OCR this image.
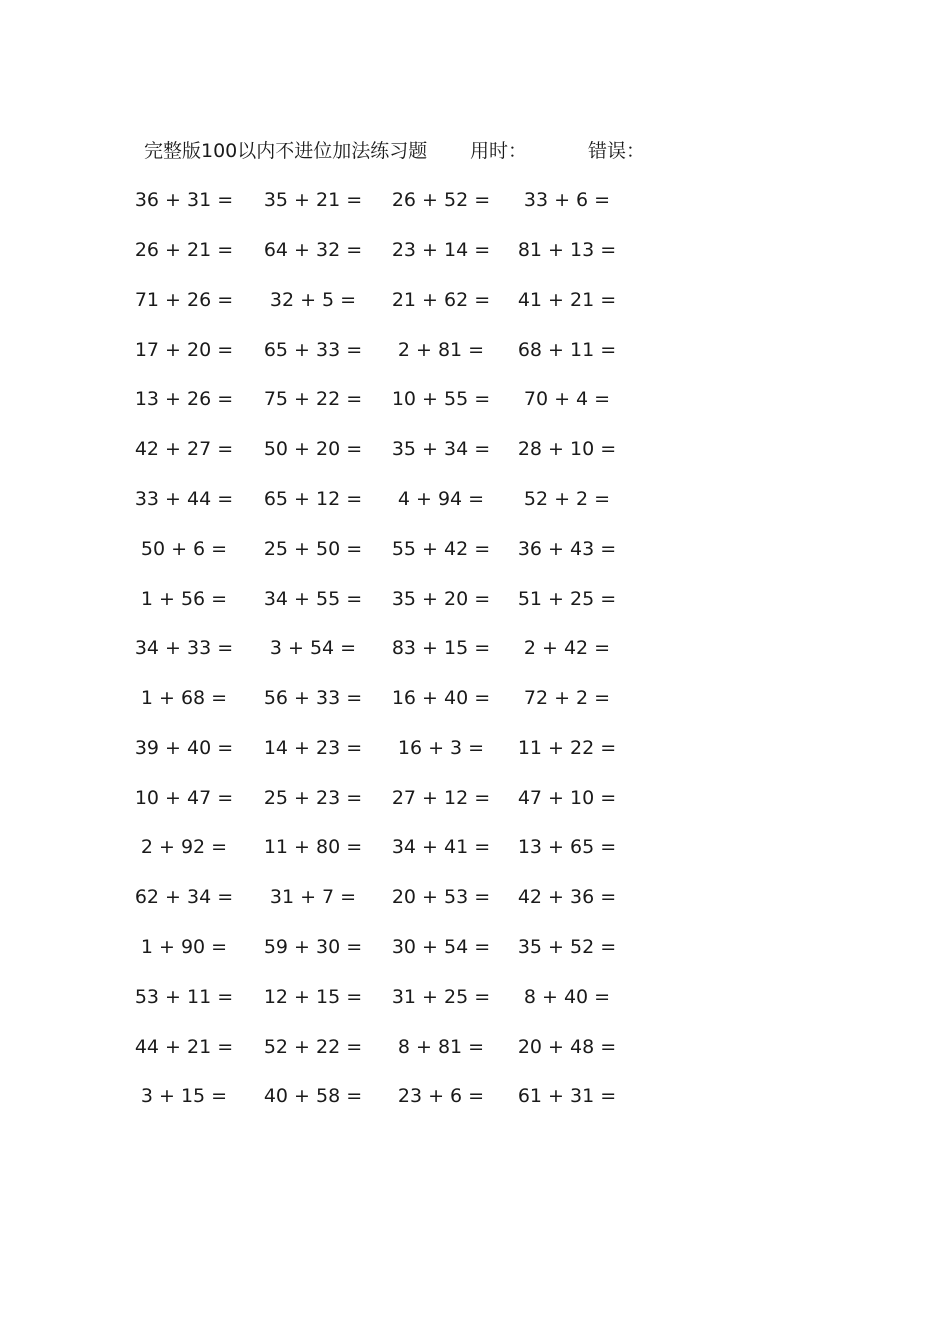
完整版100以内不进位加法练习题 用时：	错误：
36 + 31 =	35 + 21 =	26 + 52 =	33 + 6 =
26 + 21 =	64 + 32 =	23 + 14 =	81 + 13 =
71 + 26 =	32 + 5 =	21 + 62 =	41 + 21 =
17 + 20 =	65 + 33 =	2 + 81 =	68 + 11 =
13 + 26 =	75 + 22 =	10 + 55 =	70 + 4 =
42 + 27 =	50 + 20 =	35 + 34 =	28 + 10 =
33 + 44 =	65 + 12 =	4 + 94 =	52 + 2 =
50 + 6 =	25 + 50 =	55 + 42 =	36 + 43 =
1 + 56 =	34 + 55 =	35 + 20 =	51 + 25 =
34 + 33 =	3 + 54 =	83 + 15 =	2 + 42 =
1 + 68 =	56 + 33 =	16 + 40 =	72 + 2 =
39 + 40 =	14 + 23 =	16 + 3 =	11 + 22 =
10 + 47 =	25 + 23 =	27 + 12 =	47 + 10 =
2 + 92 =	11 + 80 =	34 + 41 =	13 + 65 =
62 + 34 =	31 + 7 =	20 + 53 =	42 + 36 =
1 + 90 =	59 + 30 =	30 + 54 =	35 + 52 =
53 + 11 =	12 + 15 =	31 + 25 =	8 + 40 =
44 + 21 =	52 + 22 =	8 + 81 =	20 + 48 =
3 + 15 =	40 + 58 =	23 + 6 =	61 + 31 =
